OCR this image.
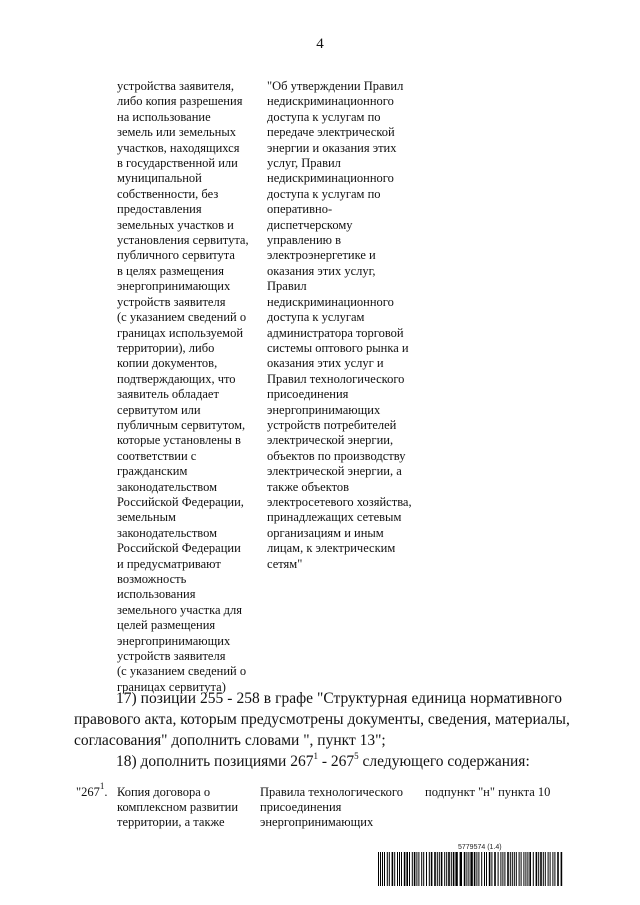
4
устройства заявителя,
либо копия разрешения
на использование
земель или земельных
участков, находящихся
в государственной или
муниципальной
собственности, без
предоставления
земельных участков и
установления сервитута,
публичного сервитута
в целях размещения
энергопринимающих
устройств заявителя
(с указанием сведений о
границах используемой
территории), либо
копии документов,
подтверждающих, что
заявитель обладает
сервитутом или
публичным сервитутом,
которые установлены в
соответствии с
гражданским
законодательством
Российской Федерации,
земельным
законодательством
Российской Федерации
и предусматривают
возможность
использования
земельного участка для
целей размещения
энергопринимающих
устройств заявителя
(с указанием сведений о
границах сервитута)
"Об утверждении Правил
недискриминационного
доступа к услугам по
передаче электрической
энергии и оказания этих
услуг, Правил
недискриминационного
доступа к услугам по
оперативно-
диспетчерскому
управлению в
электроэнергетике и
оказания этих услуг,
Правил
недискриминационного
доступа к услугам
администратора торговой
системы оптового рынка и
оказания этих услуг и
Правил технологического
присоединения
энергопринимающих
устройств потребителей
электрической энергии,
объектов по производству
электрической энергии, а
также объектов
электросетевого хозяйства,
принадлежащих сетевым
организациям и иным
лицам, к электрическим
сетям"
17) позиции 255 - 258 в графе "Структурная единица нормативного
правового акта, которым предусмотрены документы, сведения, материалы,
согласования" дополнить словами ", пункт 13";
18) дополнить позициями $267^1 - 267^5$ следующего содержания:
"$267^1$. Копия договора о
комплексном развитии
территории, а также
Правила технологического
присоединения
энергопринимающих
подпункт "н" пункта 10
5779574 (1.4)
